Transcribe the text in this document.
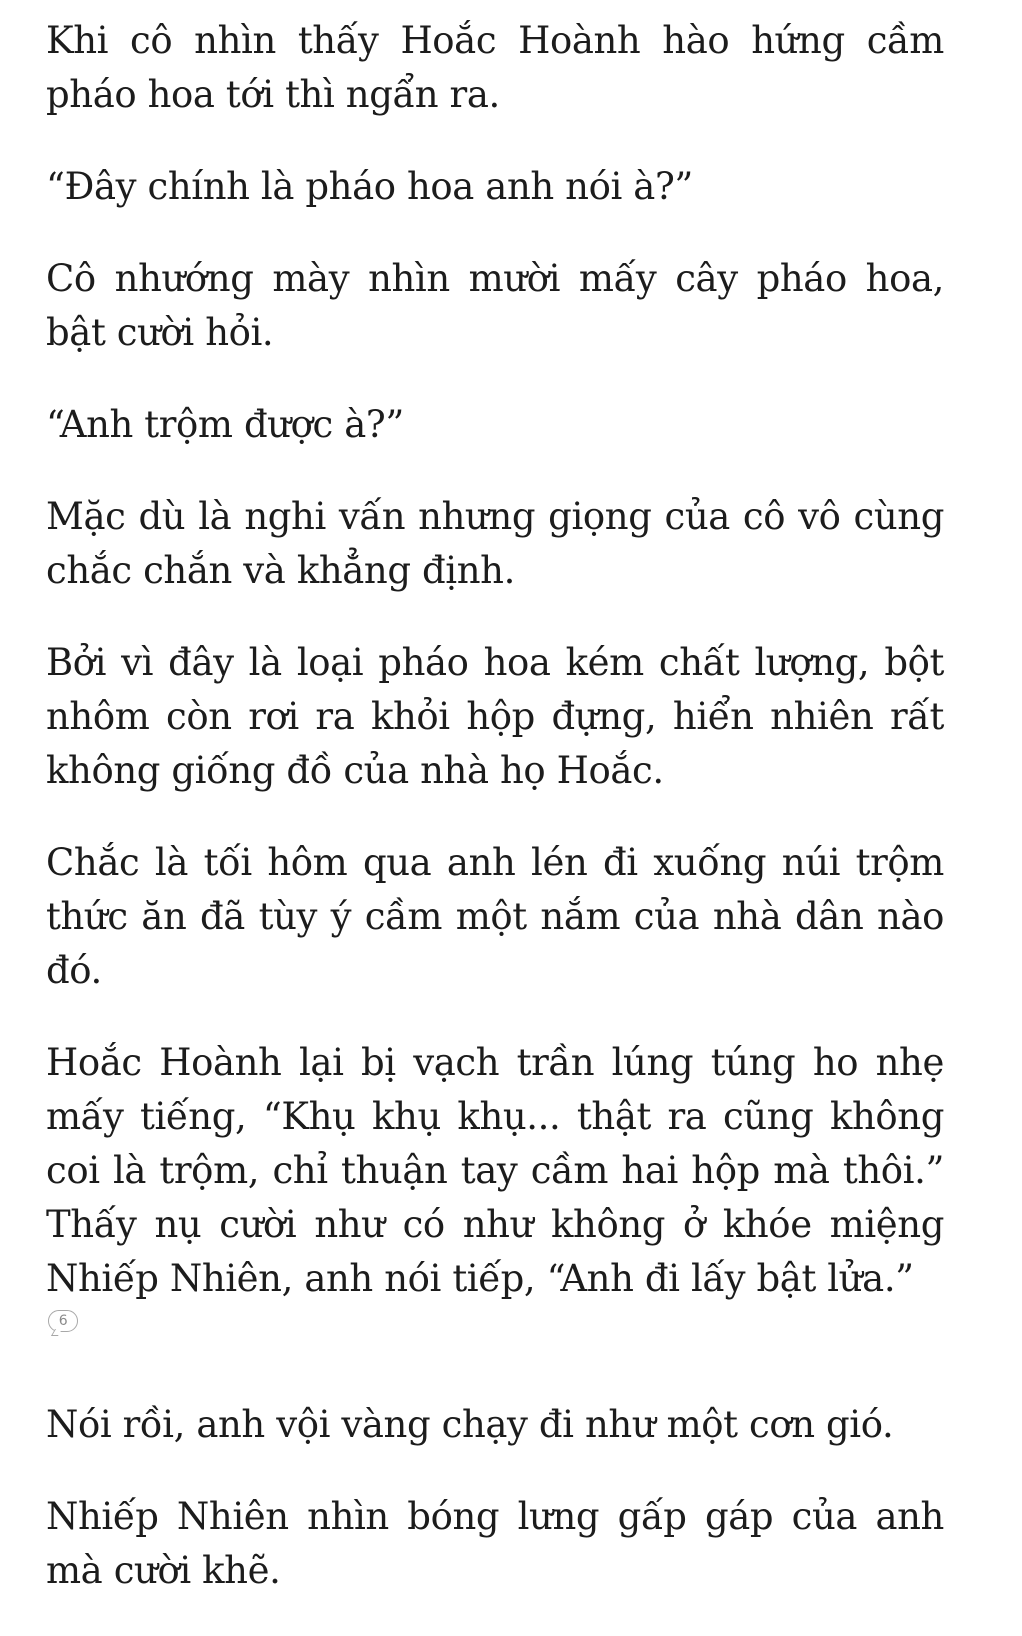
Khi cô nhìn thấy Hoắc Hoành hào hứng cầm pháo hoa tới thì ngẩn ra.

“Đây chính là pháo hoa anh nói à?”

Cô nhướng mày nhìn mười mấy cây pháo hoa, bật cười hỏi.

“Anh trộm được à?”

Mặc dù là nghi vấn nhưng giọng của cô vô cùng chắc chắn và khẳng định.

Bởi vì đây là loại pháo hoa kém chất lượng, bột nhôm còn rơi ra khỏi hộp đựng, hiển nhiên rất không giống đồ của nhà họ Hoắc.

Chắc là tối hôm qua anh lén đi xuống núi trộm thức ăn đã tùy ý cầm một nắm của nhà dân nào đó.

Hoắc Hoành lại bị vạch trần lúng túng ho nhẹ mấy tiếng, “Khụ khụ khụ... thật ra cũng không coi là trộm, chỉ thuận tay cầm hai hộp mà thôi.” Thấy nụ cười như có như không ở khóe miệng Nhiếp Nhiên, anh nói tiếp, “Anh đi lấy bật lửa.”

6

Nói rồi, anh vội vàng chạy đi như một cơn gió.

Nhiếp Nhiên nhìn bóng lưng gấp gáp của anh mà cười khẽ.
